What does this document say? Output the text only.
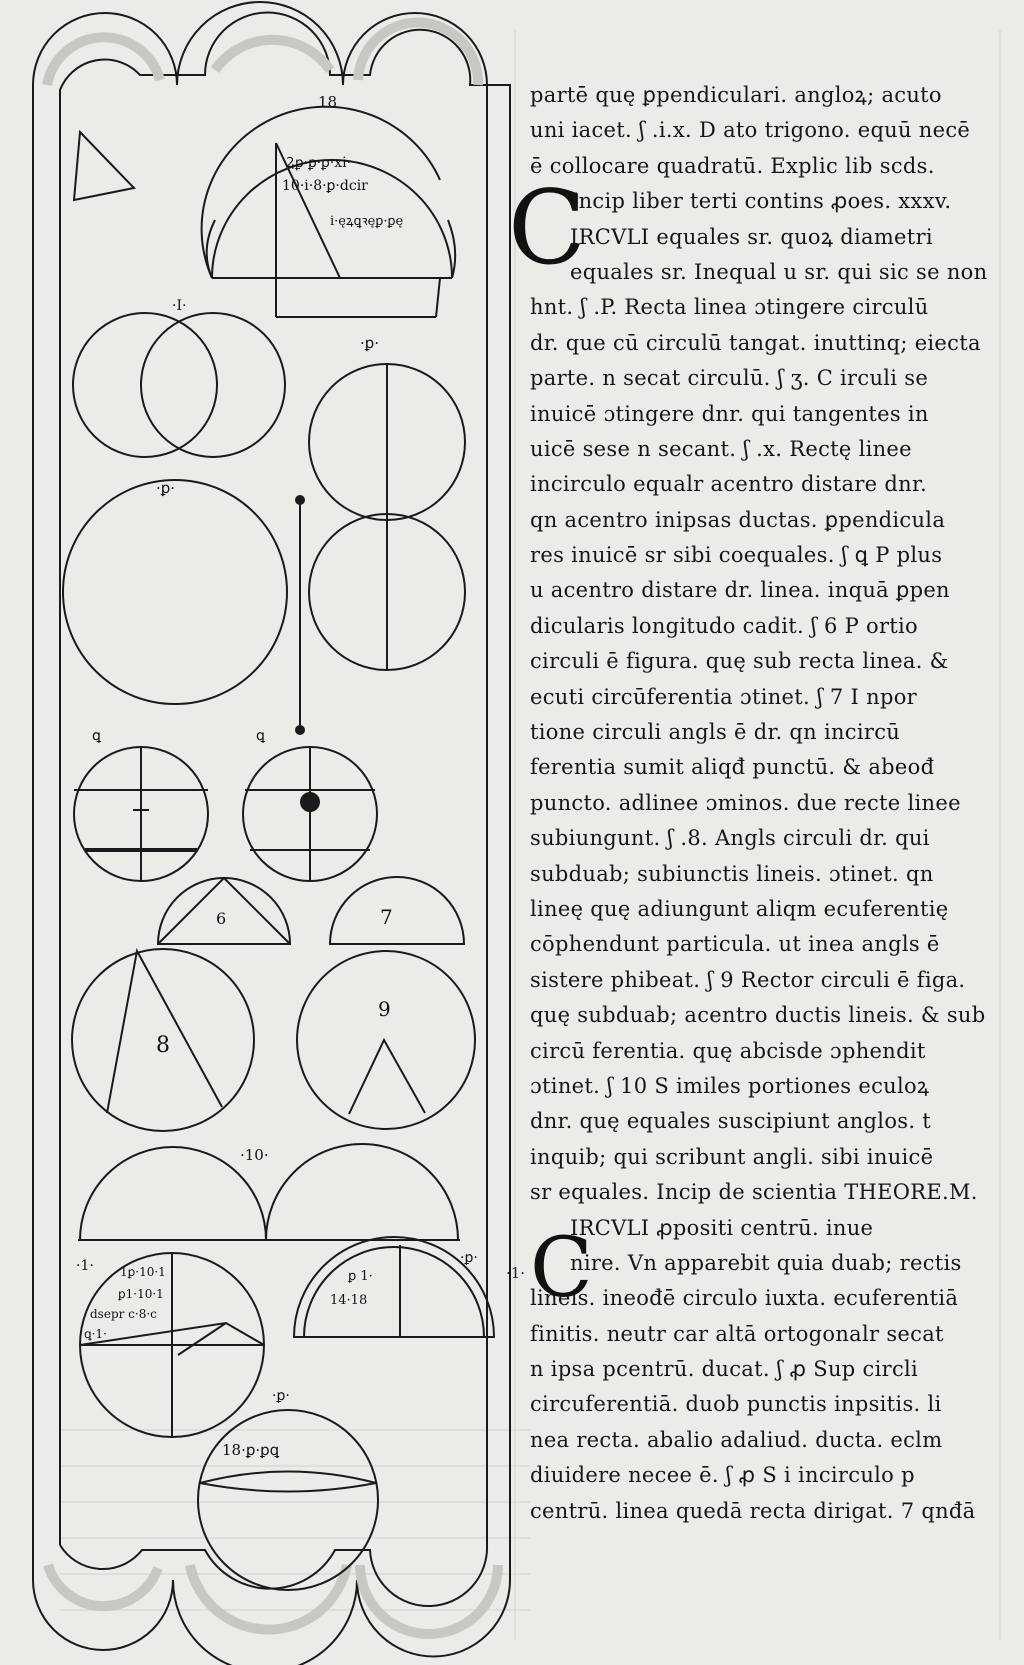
18
Ꝝꝑ·ꝑ·ꝑ·xi·
10·i·8·ꝑ·dcir
i·ęꝝꝗꝛęꝑ·ꝑę
·I·
·ꝑ·
·ꝑ·
ꝗ	ꝗ
6	7
8
9
·10·
·1· 1ꝑ·10·1
ꝑ1·10·1
dsepr c·8·c
ꝗ·1·
·ꝑ·
ꝑ 1·
14·18
·ꝑ·
18·ꝑ·ꝑꝗ
C
C
·1·
partē quę ꝑpendiculari. angloꝝ; acuto
uni iacet. ʃ .i.x. D ato trigono. equū necē
ē collocare quadratū. Explic lib scds.
Incip liber terti contins ꝓoes. xxxv.
IRCVLI equales sr. quoꝝ diametri
equales sr. Inequal u sr. qui sic se non
hnt. ʃ .P. Recta linea ɔtingere circulū
dr. que cū circulū tangat. inuttinq; eiecta
parte. n secat circulū. ʃ ʒ. C irculi se
inuicē ɔtingere dnr. qui tangentes in
uicē sese n secant. ʃ .x. Rectę linee
incirculo equalr acentro distare dnr.
qn acentro inipsas ductas. ꝑpendicula
res inuicē sr sibi coequales. ʃ ꝗ P plus
u acentro distare dr. linea. inquā ꝑpen
dicularis longitudo cadit. ʃ 6 P ortio
circuli ē figura. quę sub recta linea. &
ecuti circūferentia ɔtinet. ʃ 7 I npor
tione circuli angls ē dr. qn incircū
ferentia sumit aliqđ punctū. & abeođ
puncto. adlinee ɔminos. due recte linee
subiungunt. ʃ .8. Angls circuli dr. qui
subduab; subiunctis lineis. ɔtinet. qn
lineę quę adiungunt aliqm ecuferentię
cōphendunt particula. ut inea angls ē
sistere phibeat. ʃ 9 Rector circuli ē figa.
quę subduab; acentro ductis lineis. & sub
circū ferentia. quę abcisde ɔphendit
ɔtinet. ʃ 10 S imiles portiones eculoꝝ
dnr. quę equales suscipiunt anglos. t
inquib; qui scribunt angli. sibi inuicē
sr equales. Incip de scientia THEORE.M.
IRCVLI ꝓpositi centrū. inue
nire. Vn apparebit quia duab; rectis
lineis. ineođē circulo iuxta. ecuferentiā
finitis. neutr car altā ortogonalr secat
n ipsa pcentrū. ducat. ʃ ꝓ Sup circli
circuferentiā. duob punctis inpsitis. li
nea recta. abalio adaliud. ducta. eclm
diuidere necee ē. ʃ ꝓ S i incirculo p
centrū. linea quedā recta dirigat. 7 qnđā
